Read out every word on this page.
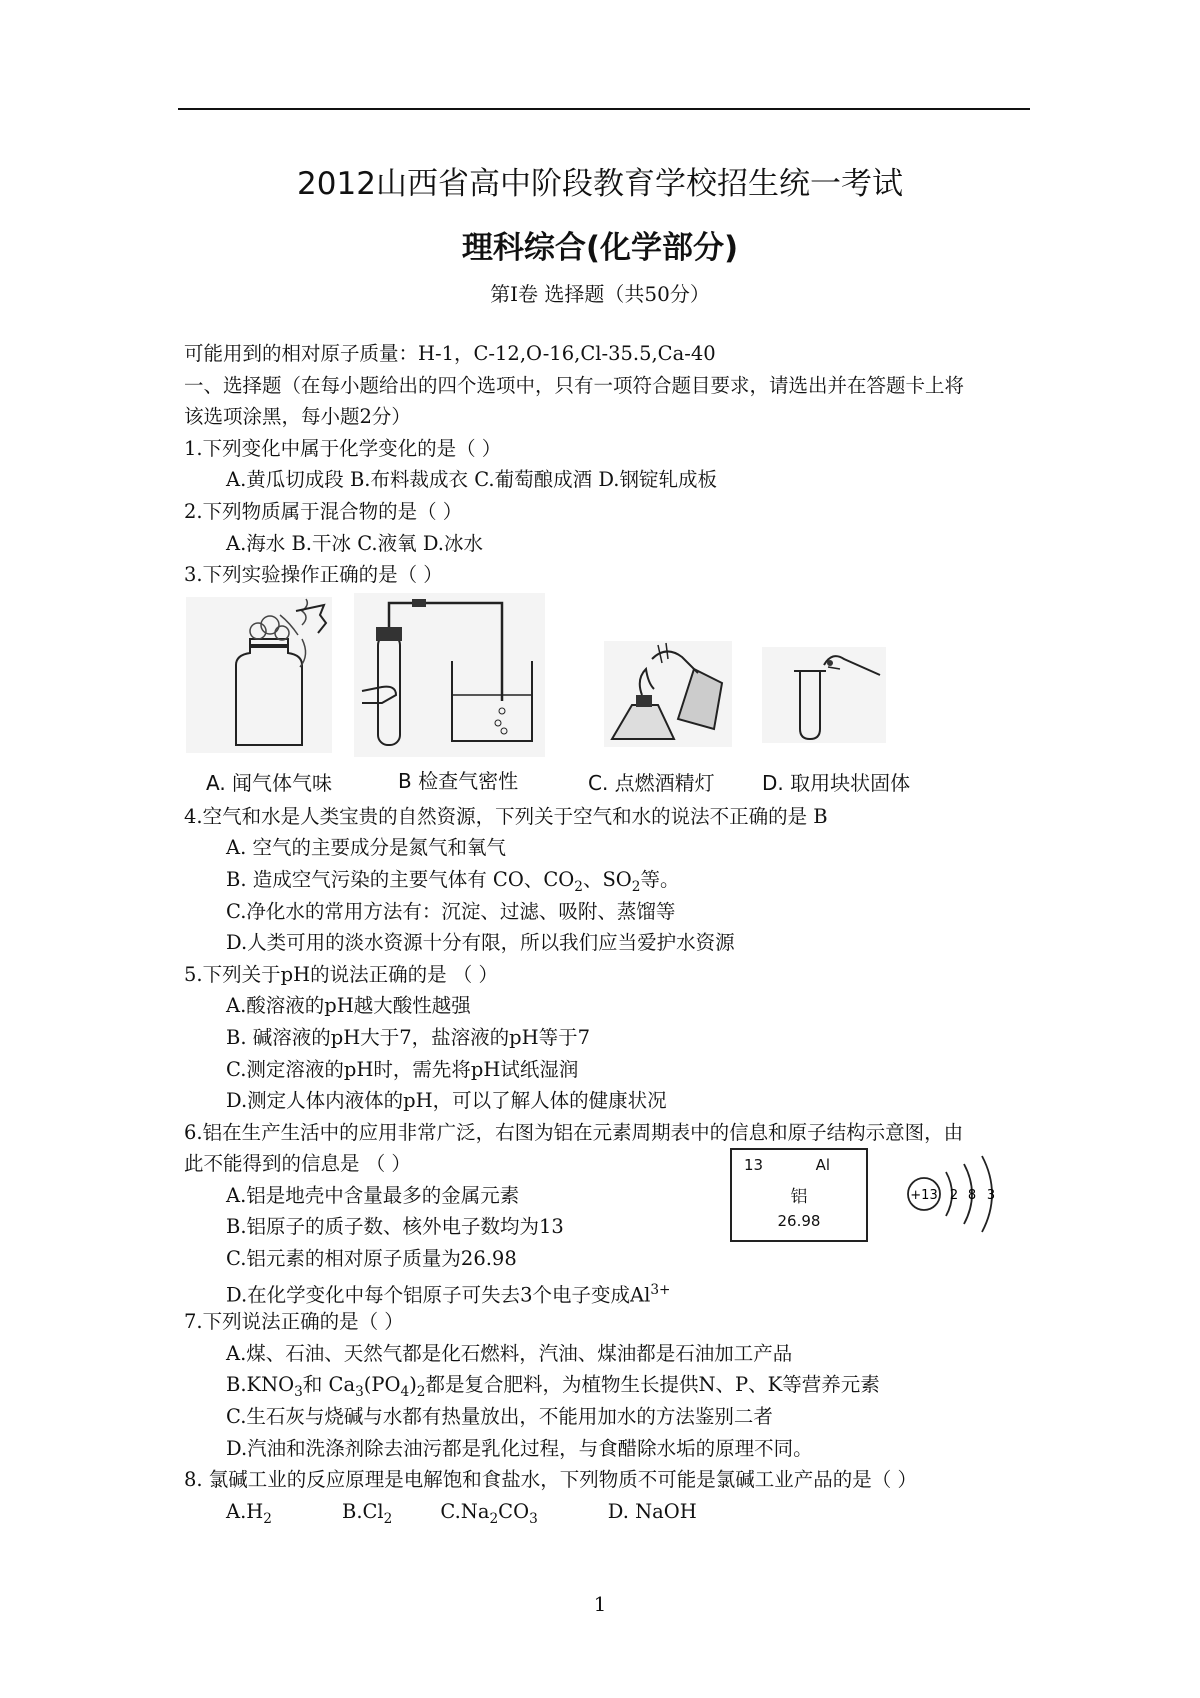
2012山西省高中阶段教育学校招生统一考试
理科综合(化学部分)
第Ⅰ卷 选择题（共50分）
可能用到的相对原子质量：H-1，C-12,O-16,Cl-35.5,Ca-40
一、选择题（在每小题给出的四个选项中，只有一项符合题目要求，请选出并在答题卡上将
该选项涂黑，每小题2分）
1.下列变化中属于化学变化的是（ ）
A.黄瓜切成段 B.布料裁成衣 C.葡萄酿成酒 D.钢锭轧成板
2.下列物质属于混合物的是（ ）
A.海水 B.干冰 C.液氧 D.冰水
3.下列实验操作正确的是（ ）
A. 闻气体气味	B 检查气密性	C. 点燃酒精灯 D. 取用块状固体
4.空气和水是人类宝贵的自然资源，下列关于空气和水的说法不正确的是 B
A. 空气的主要成分是氮气和氧气
B. 造成空气污染的主要气体有 CO、$CO_2$、$SO_2$等。
C.净化水的常用方法有：沉淀、过滤、吸附、蒸馏等
D.人类可用的淡水资源十分有限，所以我们应当爱护水资源
5.下列关于pH的说法正确的是 （ ）
A.酸溶液的pH越大酸性越强
B. 碱溶液的pH大于7，盐溶液的pH等于7
C.测定溶液的pH时，需先将pH试纸湿润
D.测定人体内液体的pH，可以了解人体的健康状况
6.铝在生产生活中的应用非常广泛，右图为铝在元素周期表中的信息和原子结构示意图，由
13	Al
铝
26.98
+13 2 8 3
此不能得到的信息是 （ ）
A.铝是地壳中含量最多的金属元素
B.铝原子的质子数、核外电子数均为13
C.铝元素的相对原子质量为26.98
D.在化学变化中每个铝原子可失去3个电子变成$Al^{3+}$
7.下列说法正确的是（ ）
A.煤、石油、天然气都是化石燃料，汽油、煤油都是石油加工产品
$B.KNO_3$和 $Ca_3(PO_4)_2$都是复合肥料，为植物生长提供N、P、K等营养元素
C.生石灰与烧碱与水都有热量放出，不能用加水的方法鉴别二者
D.汽油和洗涤剂除去油污都是乳化过程，与食醋除水垢的原理不同。
8. 氯碱工业的反应原理是电解饱和食盐水，下列物质不可能是氯碱工业产品的是（ ）
$A.H_2$	$B.Cl_2$ $C.Na_2CO_3$	D. NaOH
1
